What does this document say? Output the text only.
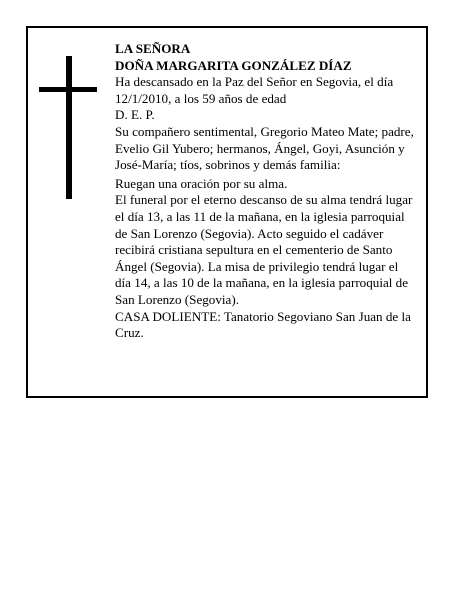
LA SEÑORA

DOÑA MARGARITA GONZÁLEZ DÍAZ

Ha descansado en la Paz del Señor en Segovia, el día 12/1/2010, a los 59 años de edad

D. E. P.

Su compañero sentimental, Gregorio Mateo Mate; padre, Evelio Gil Yubero; hermanos, Ángel, Goyi, Asunción y José-María; tíos, sobrinos y demás familia:

Ruegan una oración por su alma.

El funeral por el eterno descanso de su alma tendrá lugar el día 13, a las 11 de la mañana, en la iglesia parroquial de San Lorenzo (Segovia). Acto seguido el cadáver recibirá cristiana sepultura en el cementerio de Santo Ángel (Segovia). La misa de privilegio tendrá lugar el día 14, a las 10 de la mañana, en la iglesia parroquial de San Lorenzo (Segovia).

CASA DOLIENTE: Tanatorio Segoviano San Juan de la Cruz.
